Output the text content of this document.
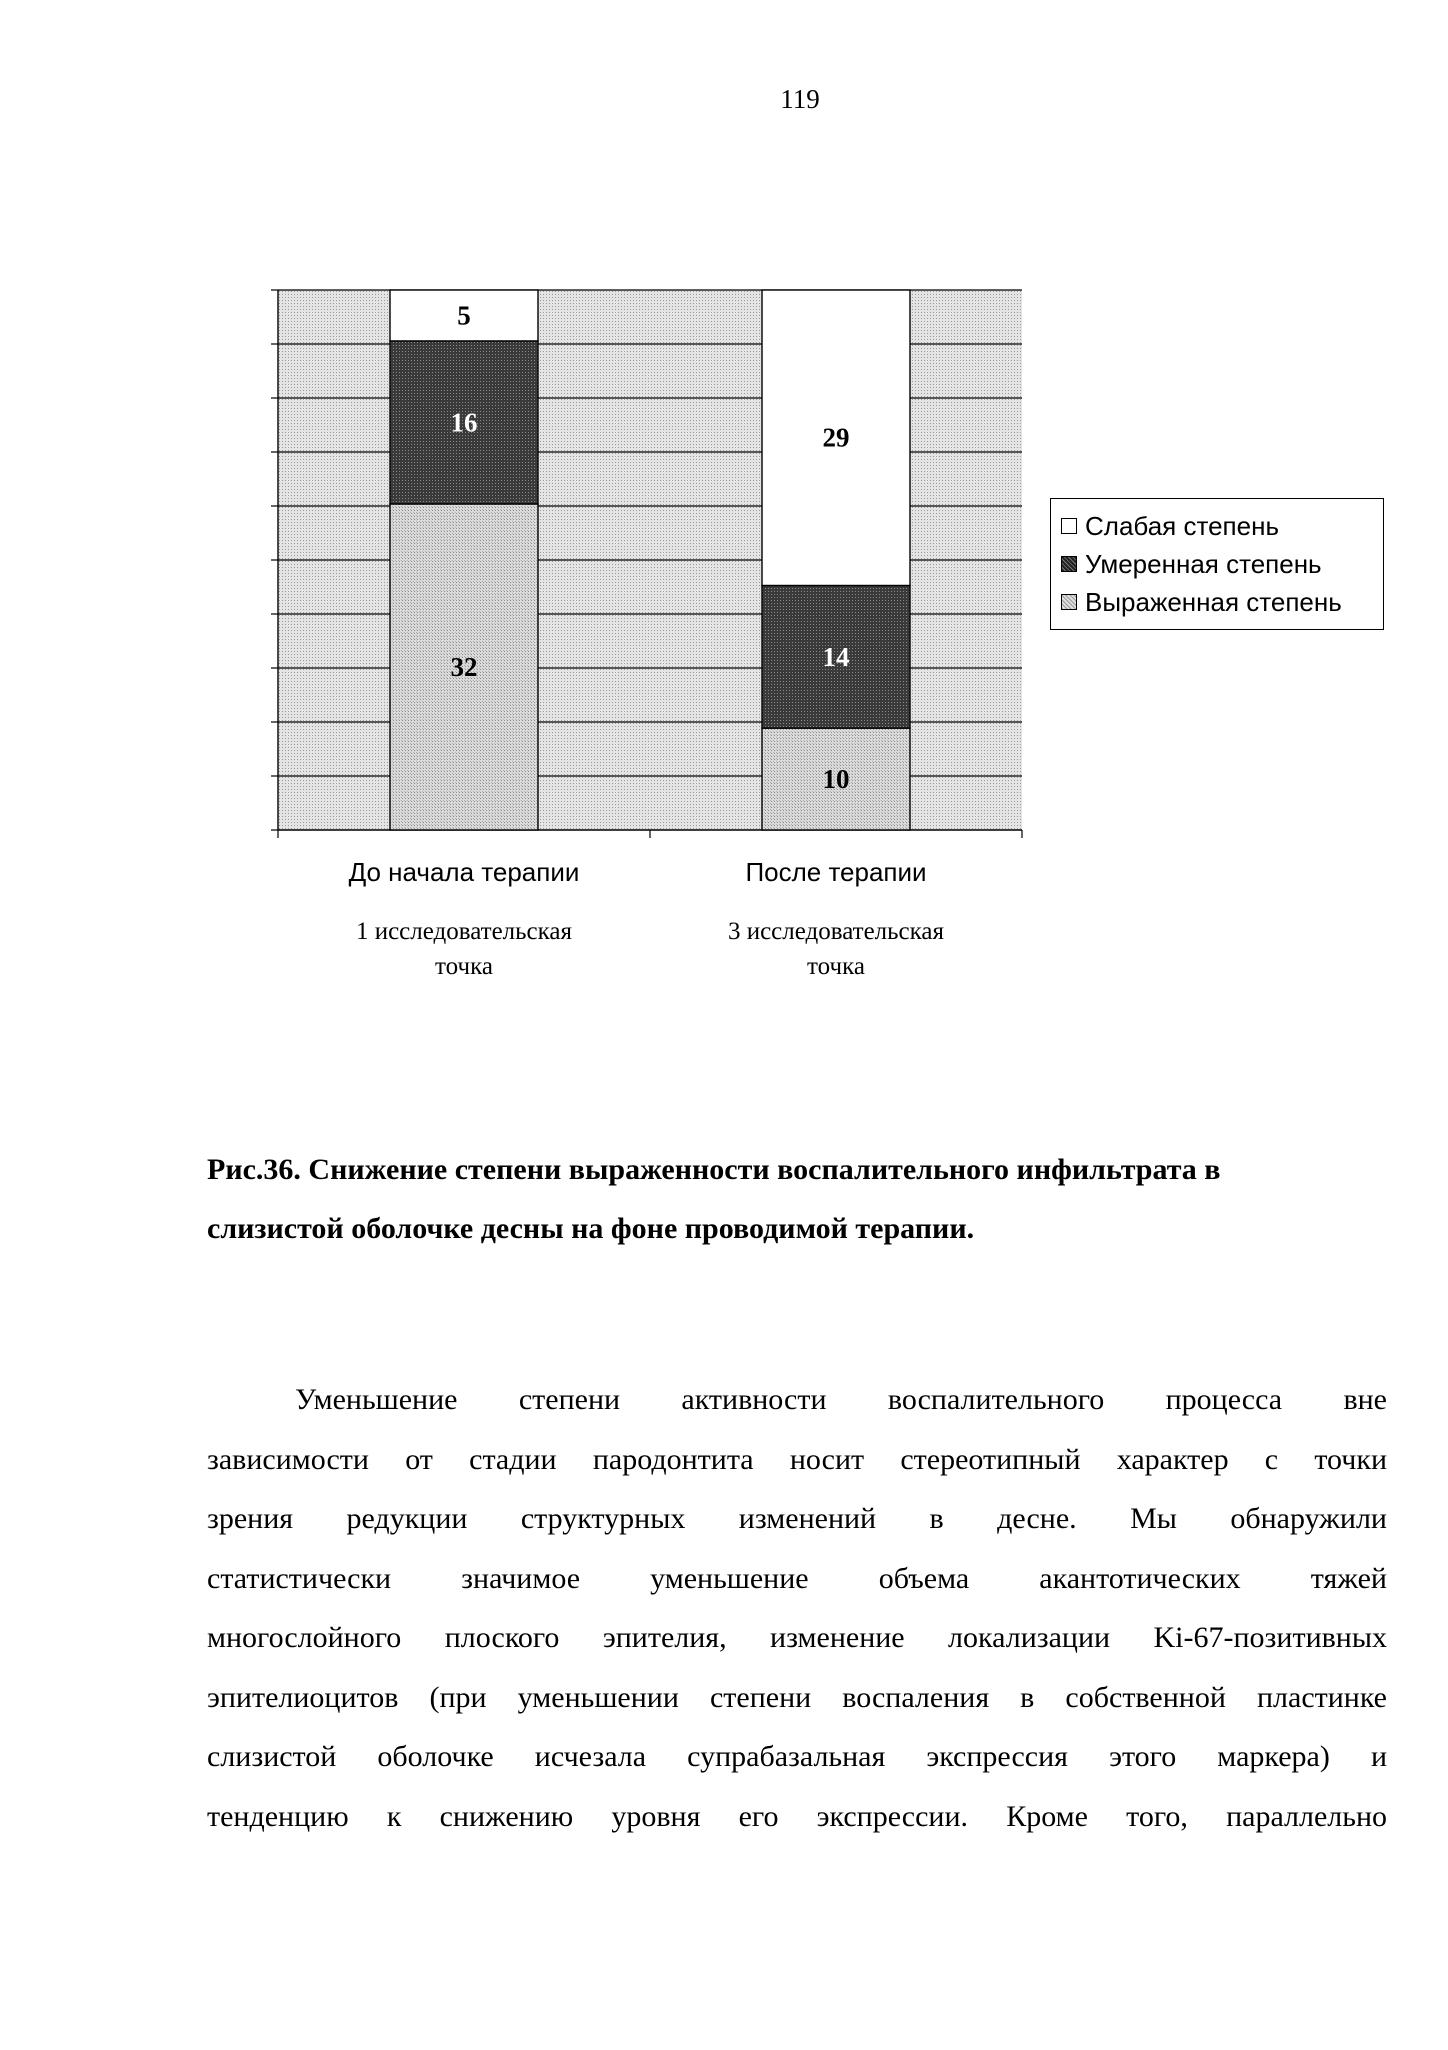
119
32
16
5
10
14
29
До начала терапии
1 исследовательская
точка
После терапии
3 исследовательская
точка
Слабая степень
Умеренная степень
Выраженная степень
Рис.36. Снижение степени выраженности воспалительного инфильтрата в слизистой оболочке десны на фоне проводимой терапии.
Уменьшение степени активности воспалительного процесса вне
зависимости от стадии пародонтита носит стереотипный характер с точки
зрения редукции структурных изменений в десне. Мы обнаружили
статистически значимое уменьшение объема акантотических тяжей
многослойного плоского эпителия, изменение локализации Ki-67-позитивных
эпителиоцитов (при уменьшении степени воспаления в собственной пластинке
слизистой оболочке исчезала супрабазальная экспрессия этого маркера) и
тенденцию к снижению уровня его экспрессии. Кроме того, параллельно
